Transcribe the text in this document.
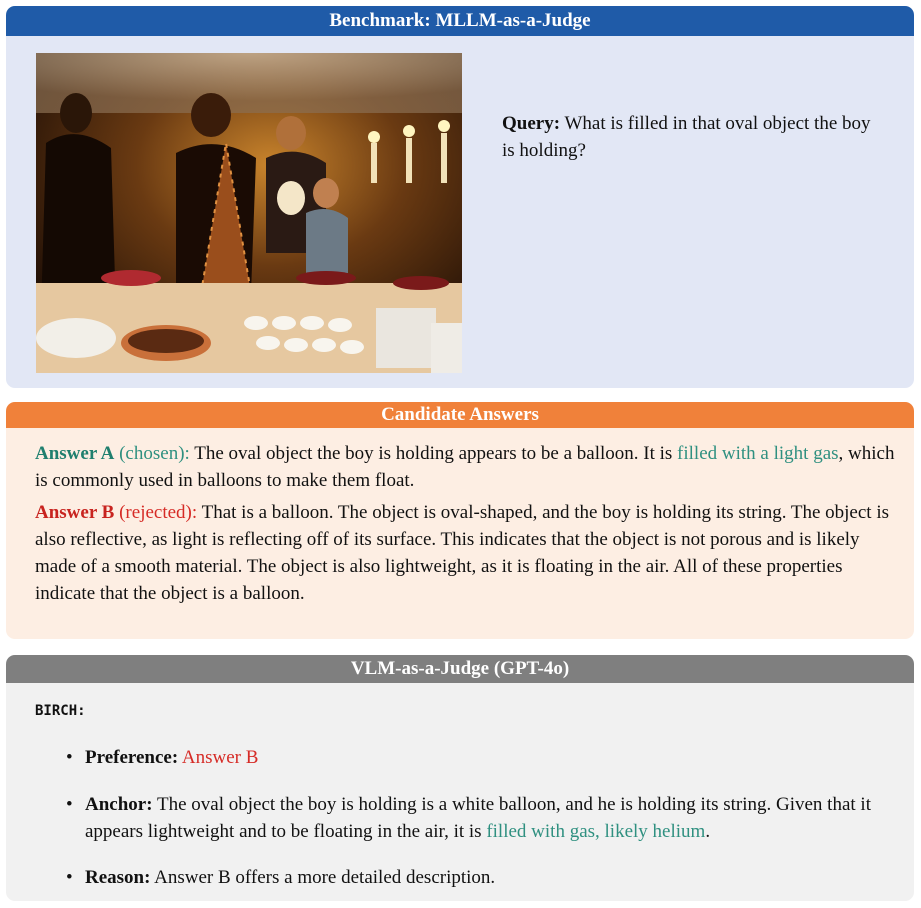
Benchmark: MLLM-as-a-Judge
Query: What is filled in that oval object the boy is holding?
Candidate Answers
Answer A (chosen): The oval object the boy is holding appears to be a balloon. It is filled with a light gas, which is commonly used in balloons to make them float.
Answer B (rejected): That is a balloon. The object is oval-shaped, and the boy is holding its string. The object is also reflective, as light is reflecting off of its surface. This indicates that the object is not porous and is likely made of a smooth material. The object is also lightweight, as it is floating in the air. All of these properties indicate that the object is a balloon.
VLM-as-a-Judge (GPT-4o)
BIRCH:
• Preference: Answer B
• Anchor: The oval object the boy is holding is a white balloon, and he is holding its string. Given that it appears lightweight and to be floating in the air, it is filled with gas, likely helium.
• Reason: Answer B offers a more detailed description.
